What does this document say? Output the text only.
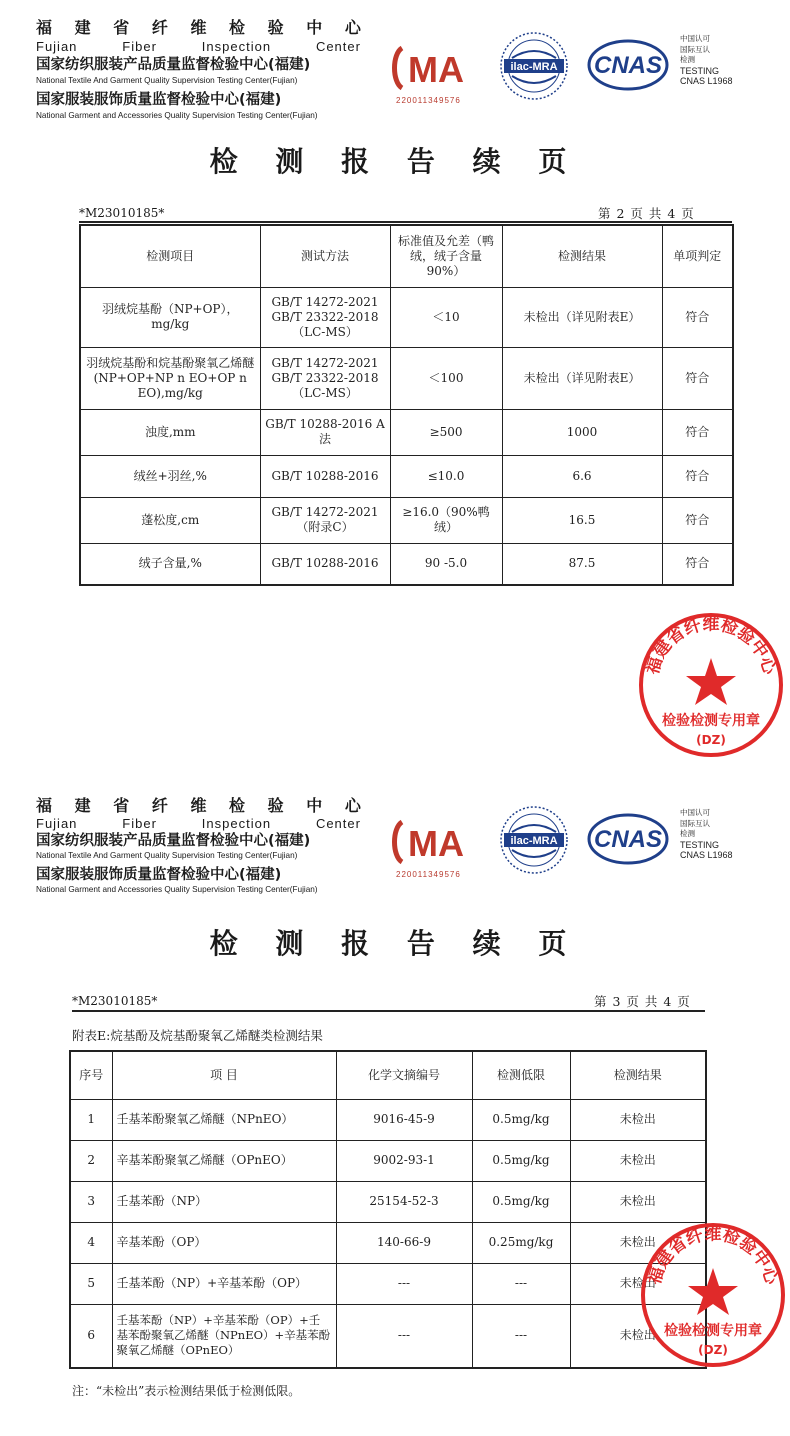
福 建 省 纤 维 检 验 中 心
Fujian	Fiber	Inspection	Center
国家纺织服装产品质量监督检验中心(福建)
National Textile And Garment Quality Supervision Testing Center(Fujian)
国家服装服饰质量监督检验中心(福建)
National Garment and Accessories Quality Supervision Testing Center(Fujian)
MA
220011349576
ilac-MRA CNAS
中国认可
国际互认
检测
TESTING
CNAS L1968
检 测 报 告 续 页
*M23010185*	第 2 页 共 4 页
检测项目	测试方法	标准值及允差（鸭绒，绒子含量90%）	检测结果	单项判定
羽绒烷基酚（NP+OP），mg/kg	GB/T 14272-2021 GB/T 23322-2018 （LC-MS）	＜10	未检出（详见附表E）	符合
羽绒烷基酚和烷基酚聚氧乙烯醚(NP+OP+NP n EO+OP n EO),mg/kg	GB/T 14272-2021 GB/T 23322-2018 （LC-MS）	＜100	未检出（详见附表E）	符合
浊度,mm	GB/T 10288-2016 A法	≥500	1000	符合
绒丝+羽丝,%	GB/T 10288-2016	≤10.0	6.6	符合
蓬松度,cm	GB/T 14272-2021 （附录C）	≥16.0（90%鸭绒）	16.5	符合
绒子含量,%	GB/T 10288-2016	90 -5.0	87.5	符合
福建省纤维检验中心
检验检测专用章
(DZ)
福 建 省 纤 维 检 验 中 心
Fujian	Fiber	Inspection	Center
国家纺织服装产品质量监督检验中心(福建)
National Textile And Garment Quality Supervision Testing Center(Fujian)
国家服装服饰质量监督检验中心(福建)
National Garment and Accessories Quality Supervision Testing Center(Fujian)
MA
220011349576
ilac-MRA CNAS
中国认可
国际互认
检测
TESTING
CNAS L1968
检 测 报 告 续 页
*M23010185*	第 3 页 共 4 页
附表E:烷基酚及烷基酚聚氧乙烯醚类检测结果
序号	项 目	化学文摘编号	检测低限	检测结果
1	壬基苯酚聚氧乙烯醚（NPnEO）	9016-45-9	0.5mg/kg	未检出
2	辛基苯酚聚氧乙烯醚（OPnEO）	9002-93-1	0.5mg/kg	未检出
3	壬基苯酚（NP）	25154-52-3	0.5mg/kg	未检出
4	辛基苯酚（OP）	140-66-9	0.25mg/kg	未检出
5	壬基苯酚（NP）+辛基苯酚（OP）	---	---	未检出
6	壬基苯酚（NP）+辛基苯酚（OP）+壬基苯酚聚氧乙烯醚（NPnEO）+辛基苯酚聚氧乙烯醚（OPnEO）	---	---	未检出
注：“未检出”表示检测结果低于检测低限。
福建省纤维检验中心
检验检测专用章
(DZ)
